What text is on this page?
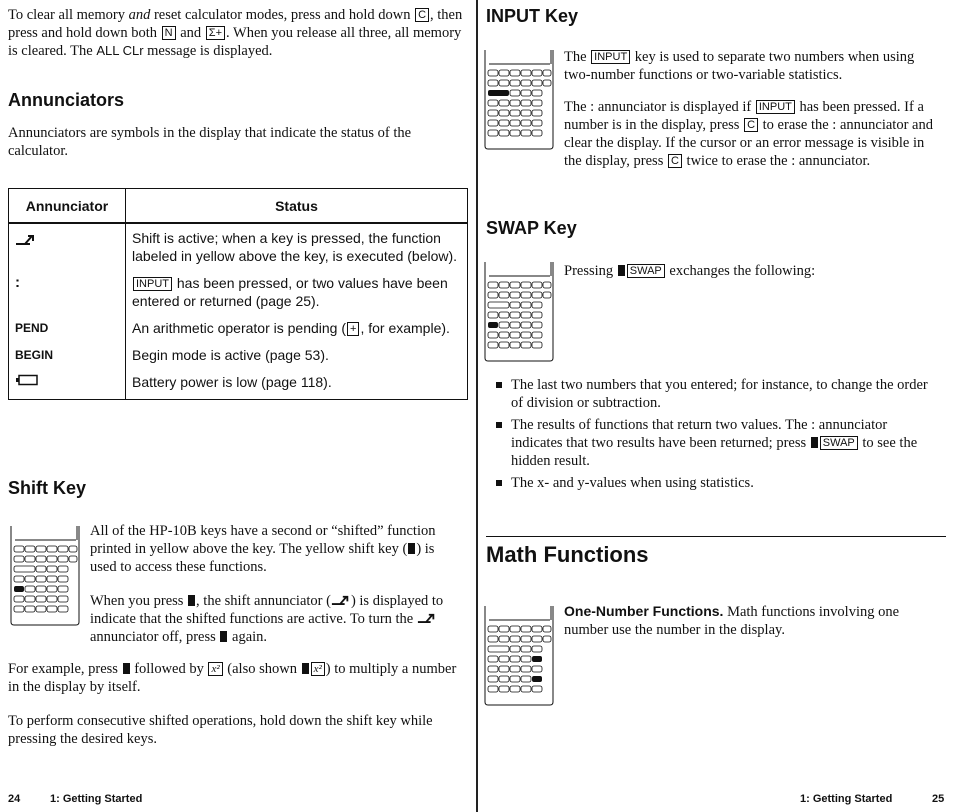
To clear all memory and reset calculator modes, press and hold down C , then press and hold down both N and Σ+ . When you release all three, all memory is cleared. The ALL CLr message is displayed.

Annunciators

Annunciators are symbols in the display that indicate the status of the calculator.

Annunciator	Status
	Shift is active; when a key is pressed, the function labeled in yellow above the key, is executed (below).
:	INPUT has been pressed, or two values have been entered or returned (page 25).
PEND	An arithmetic operator is pending ( + , for example).
BEGIN	Begin mode is active (page 53).
	Battery power is low (page 118).
Shift Key

All of the HP-10B keys have a second or “shifted” function printed in yellow above the key. The yellow shift key ( ) is used to access these functions.

When you press , the shift annunciator ( ) is displayed to indicate that the shifted functions are active. To turn the  annunciator off, press again.

For example, press followed by x² (also shown x² ) to multiply a number in the display by itself.

To perform consecutive shifted operations, hold down the shift key while pressing the desired keys.

24	1: Getting Started
INPUT Key

The INPUT key is used to separate two numbers when using two-number functions or two-variable statistics.

The : annunciator is displayed if INPUT has been pressed. If a number is in the display, press C to erase the : annunciator and clear the display. If the cursor or an error message is visible in the display, press C twice to erase the : annunciator.

SWAP Key

Pressing SWAP exchanges the following:

The last two numbers that you entered; for instance, to change the order of division or subtraction.
The results of functions that return two values. The : annunciator indicates that two results have been returned; press SWAP to see the hidden result.
The x- and y-values when using statistics.
Math Functions

One-Number Functions. Math functions involving one number use the number in the display.

1: Getting Started	25
